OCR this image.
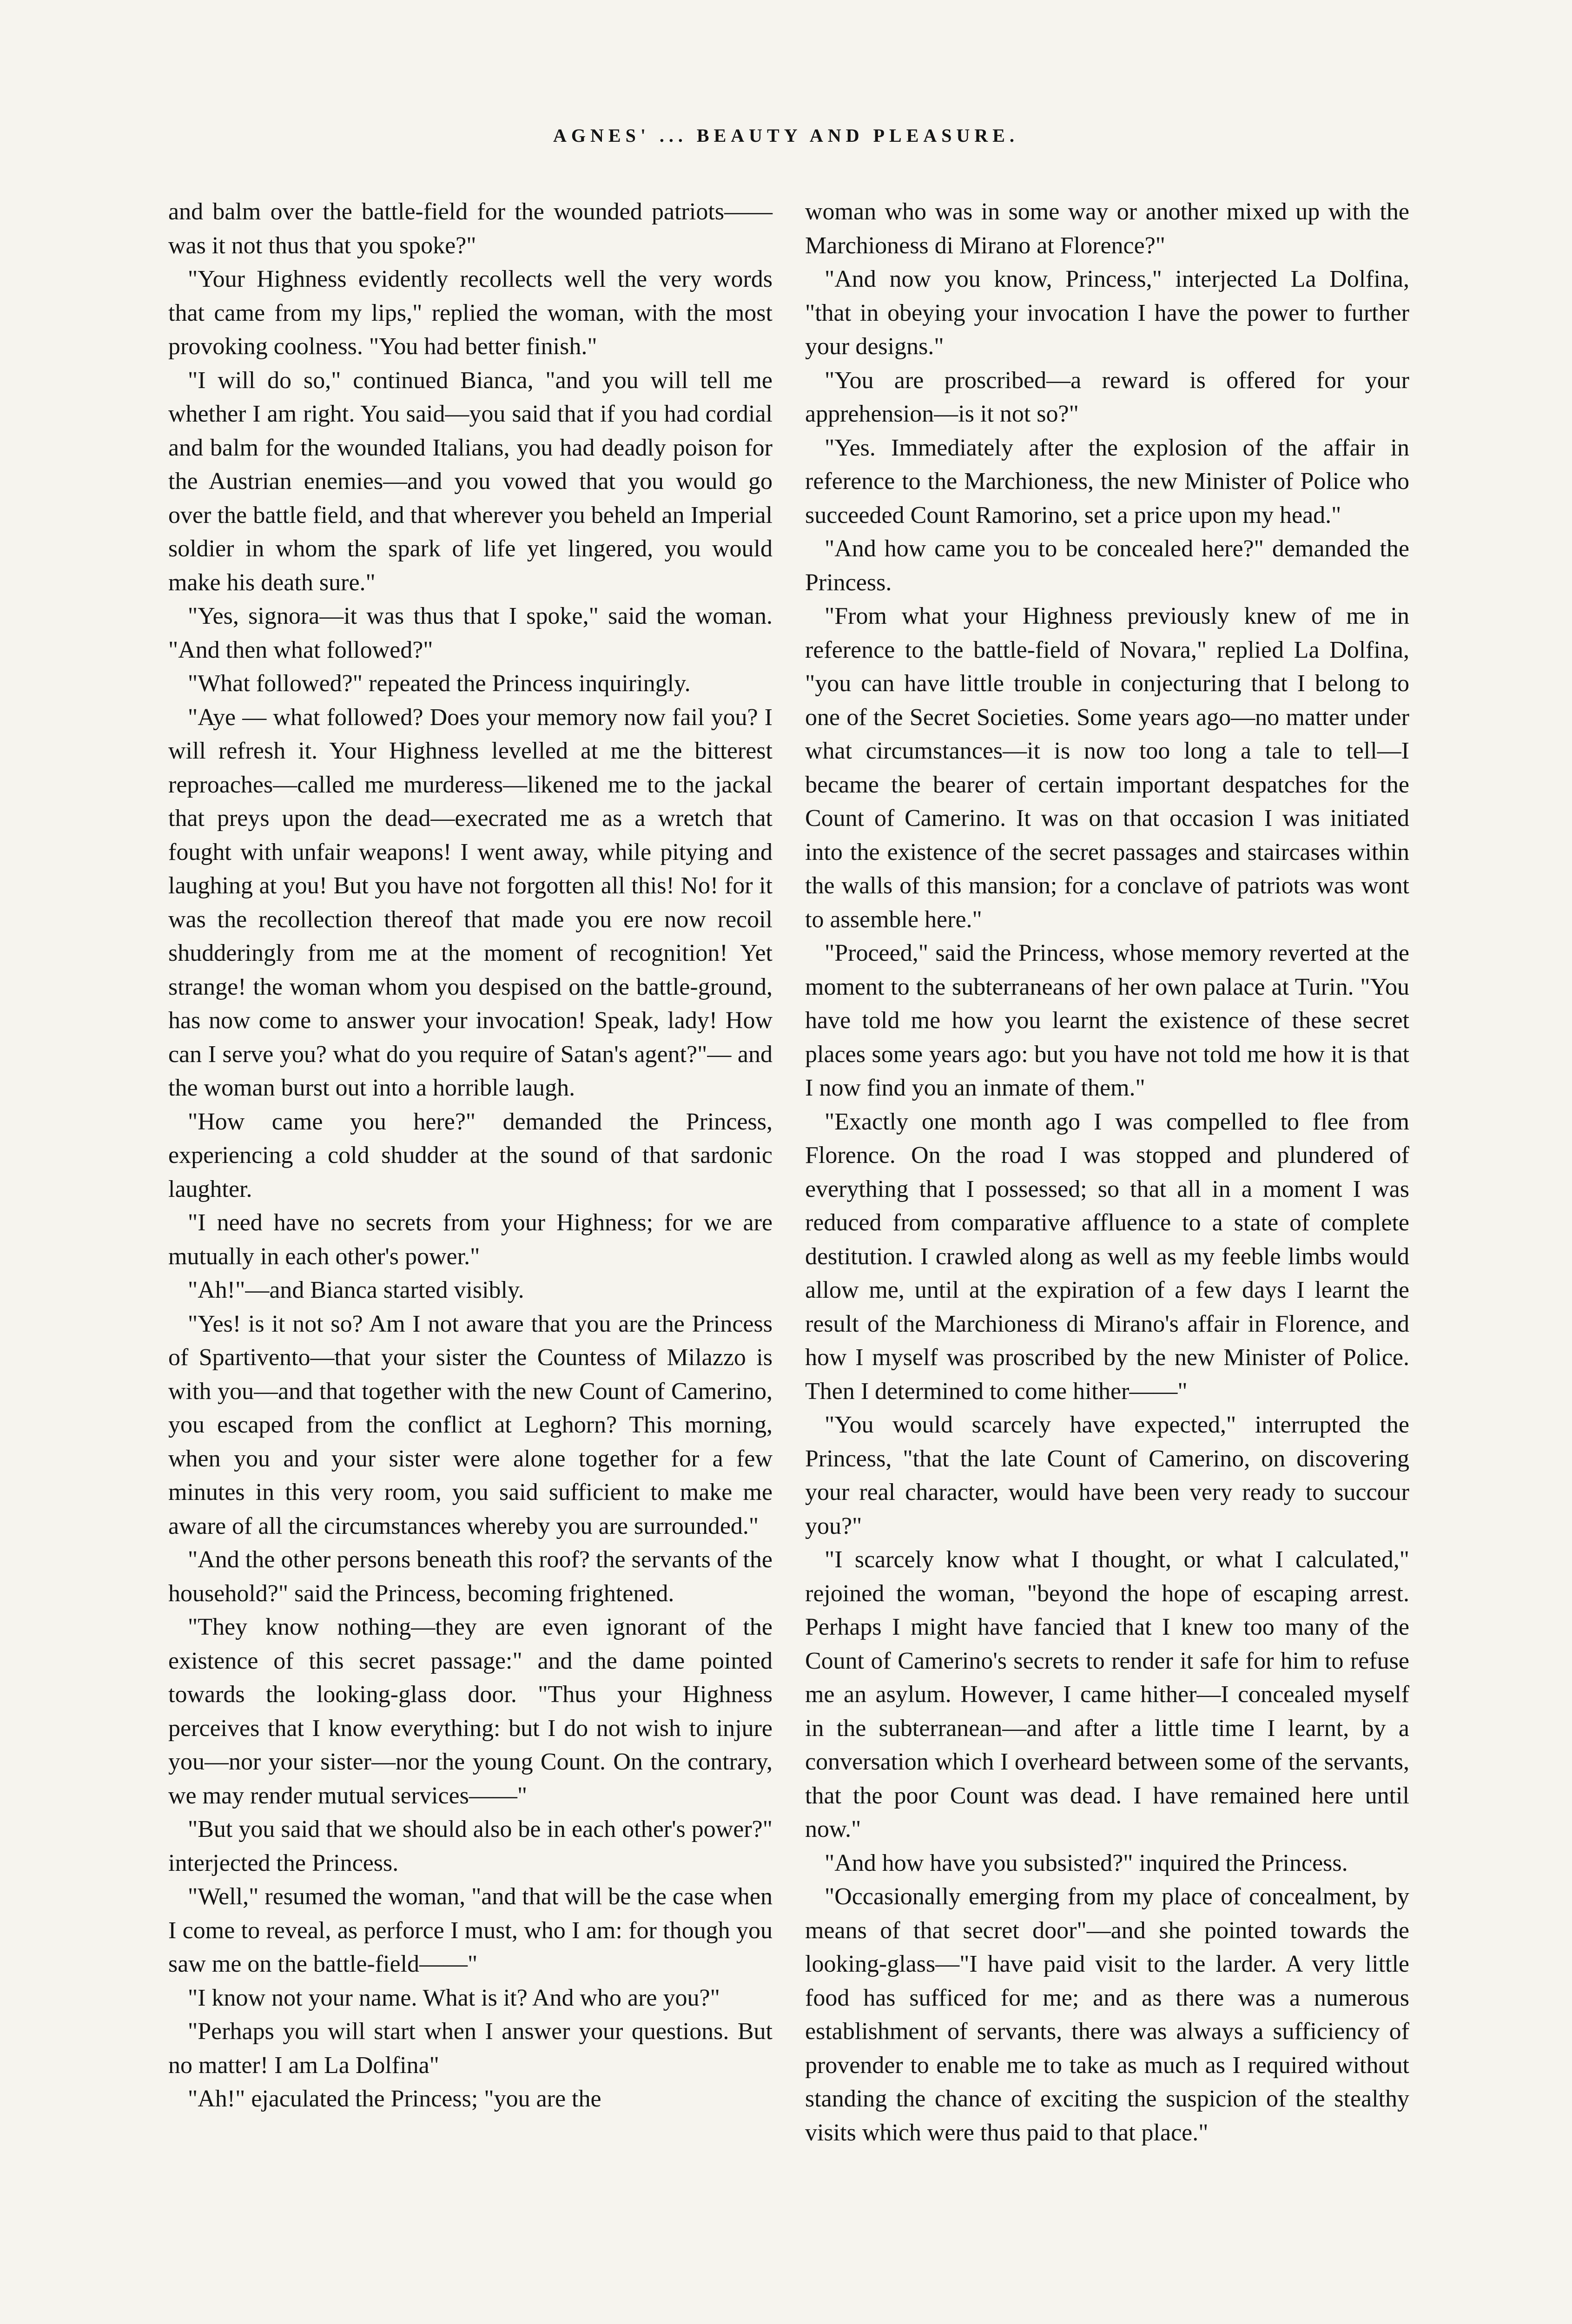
AGNES' ... BEAUTY AND PLEASURE.

and balm over the battle-field for the wounded patriots—— was it not thus that you spoke?"

"Your Highness evidently recollects well the very words that came from my lips," replied the woman, with the most provoking coolness. "You had better finish."

"I will do so," continued Bianca, "and you will tell me whether I am right. You said—you said that if you had cordial and balm for the wounded Italians, you had deadly poison for the Austrian enemies—and you vowed that you would go over the battle field, and that wherever you beheld an Imperial soldier in whom the spark of life yet lingered, you would make his death sure."

"Yes, signora—it was thus that I spoke," said the woman. "And then what followed?"

"What followed?" repeated the Princess inquiringly.

"Aye — what followed? Does your memory now fail you? I will refresh it. Your Highness levelled at me the bitterest reproaches—called me murderess—likened me to the jackal that preys upon the dead—execrated me as a wretch that fought with unfair weapons! I went away, while pitying and laughing at you! But you have not forgotten all this! No! for it was the recollection thereof that made you ere now recoil shudderingly from me at the moment of recognition! Yet strange! the woman whom you despised on the battle-ground, has now come to answer your invocation! Speak, lady! How can I serve you? what do you require of Satan's agent?"— and the woman burst out into a horrible laugh.

"How came you here?" demanded the Princess, experiencing a cold shudder at the sound of that sardonic laughter.

"I need have no secrets from your Highness; for we are mutually in each other's power."

"Ah!"—and Bianca started visibly.

"Yes! is it not so? Am I not aware that you are the Princess of Spartivento—that your sister the Countess of Milazzo is with you—and that together with the new Count of Camerino, you escaped from the conflict at Leghorn? This morning, when you and your sister were alone together for a few minutes in this very room, you said sufficient to make me aware of all the circumstances whereby you are surrounded."

"And the other persons beneath this roof? the servants of the household?" said the Princess, becoming frightened.

"They know nothing—they are even ignorant of the existence of this secret passage:" and the dame pointed towards the looking-glass door. "Thus your Highness perceives that I know everything: but I do not wish to injure you—nor your sister—nor the young Count. On the contrary, we may render mutual services——"

"But you said that we should also be in each other's power?" interjected the Princess.

"Well," resumed the woman, "and that will be the case when I come to reveal, as perforce I must, who I am: for though you saw me on the battle-field——"

"I know not your name. What is it? And who are you?"

"Perhaps you will start when I answer your questions. But no matter! I am La Dolfina"

"Ah!" ejaculated the Princess; "you are the

woman who was in some way or another mixed up with the Marchioness di Mirano at Florence?"

"And now you know, Princess," interjected La Dolfina, "that in obeying your invocation I have the power to further your designs."

"You are proscribed—a reward is offered for your apprehension—is it not so?"

"Yes. Immediately after the explosion of the affair in reference to the Marchioness, the new Minister of Police who succeeded Count Ramorino, set a price upon my head."

"And how came you to be concealed here?" demanded the Princess.

"From what your Highness previously knew of me in reference to the battle-field of Novara," replied La Dolfina, "you can have little trouble in conjecturing that I belong to one of the Secret Societies. Some years ago—no matter under what circumstances—it is now too long a tale to tell—I became the bearer of certain important despatches for the Count of Camerino. It was on that occasion I was initiated into the existence of the secret passages and staircases within the walls of this mansion; for a conclave of patriots was wont to assemble here."

"Proceed," said the Princess, whose memory reverted at the moment to the subterraneans of her own palace at Turin. "You have told me how you learnt the existence of these secret places some years ago: but you have not told me how it is that I now find you an inmate of them."

"Exactly one month ago I was compelled to flee from Florence. On the road I was stopped and plundered of everything that I possessed; so that all in a moment I was reduced from comparative affluence to a state of complete destitution. I crawled along as well as my feeble limbs would allow me, until at the expiration of a few days I learnt the result of the Marchioness di Mirano's affair in Florence, and how I myself was proscribed by the new Minister of Police. Then I determined to come hither——"

"You would scarcely have expected," interrupted the Princess, "that the late Count of Camerino, on discovering your real character, would have been very ready to succour you?"

"I scarcely know what I thought, or what I calculated," rejoined the woman, "beyond the hope of escaping arrest. Perhaps I might have fancied that I knew too many of the Count of Camerino's secrets to render it safe for him to refuse me an asylum. However, I came hither—I concealed myself in the subterranean—and after a little time I learnt, by a conversation which I overheard between some of the servants, that the poor Count was dead. I have remained here until now."

"And how have you subsisted?" inquired the Princess.

"Occasionally emerging from my place of concealment, by means of that secret door"—and she pointed towards the looking-glass—"I have paid visit to the larder. A very little food has sufficed for me; and as there was a numerous establishment of servants, there was always a sufficiency of provender to enable me to take as much as I required without standing the chance of exciting the suspicion of the stealthy visits which were thus paid to that place."
